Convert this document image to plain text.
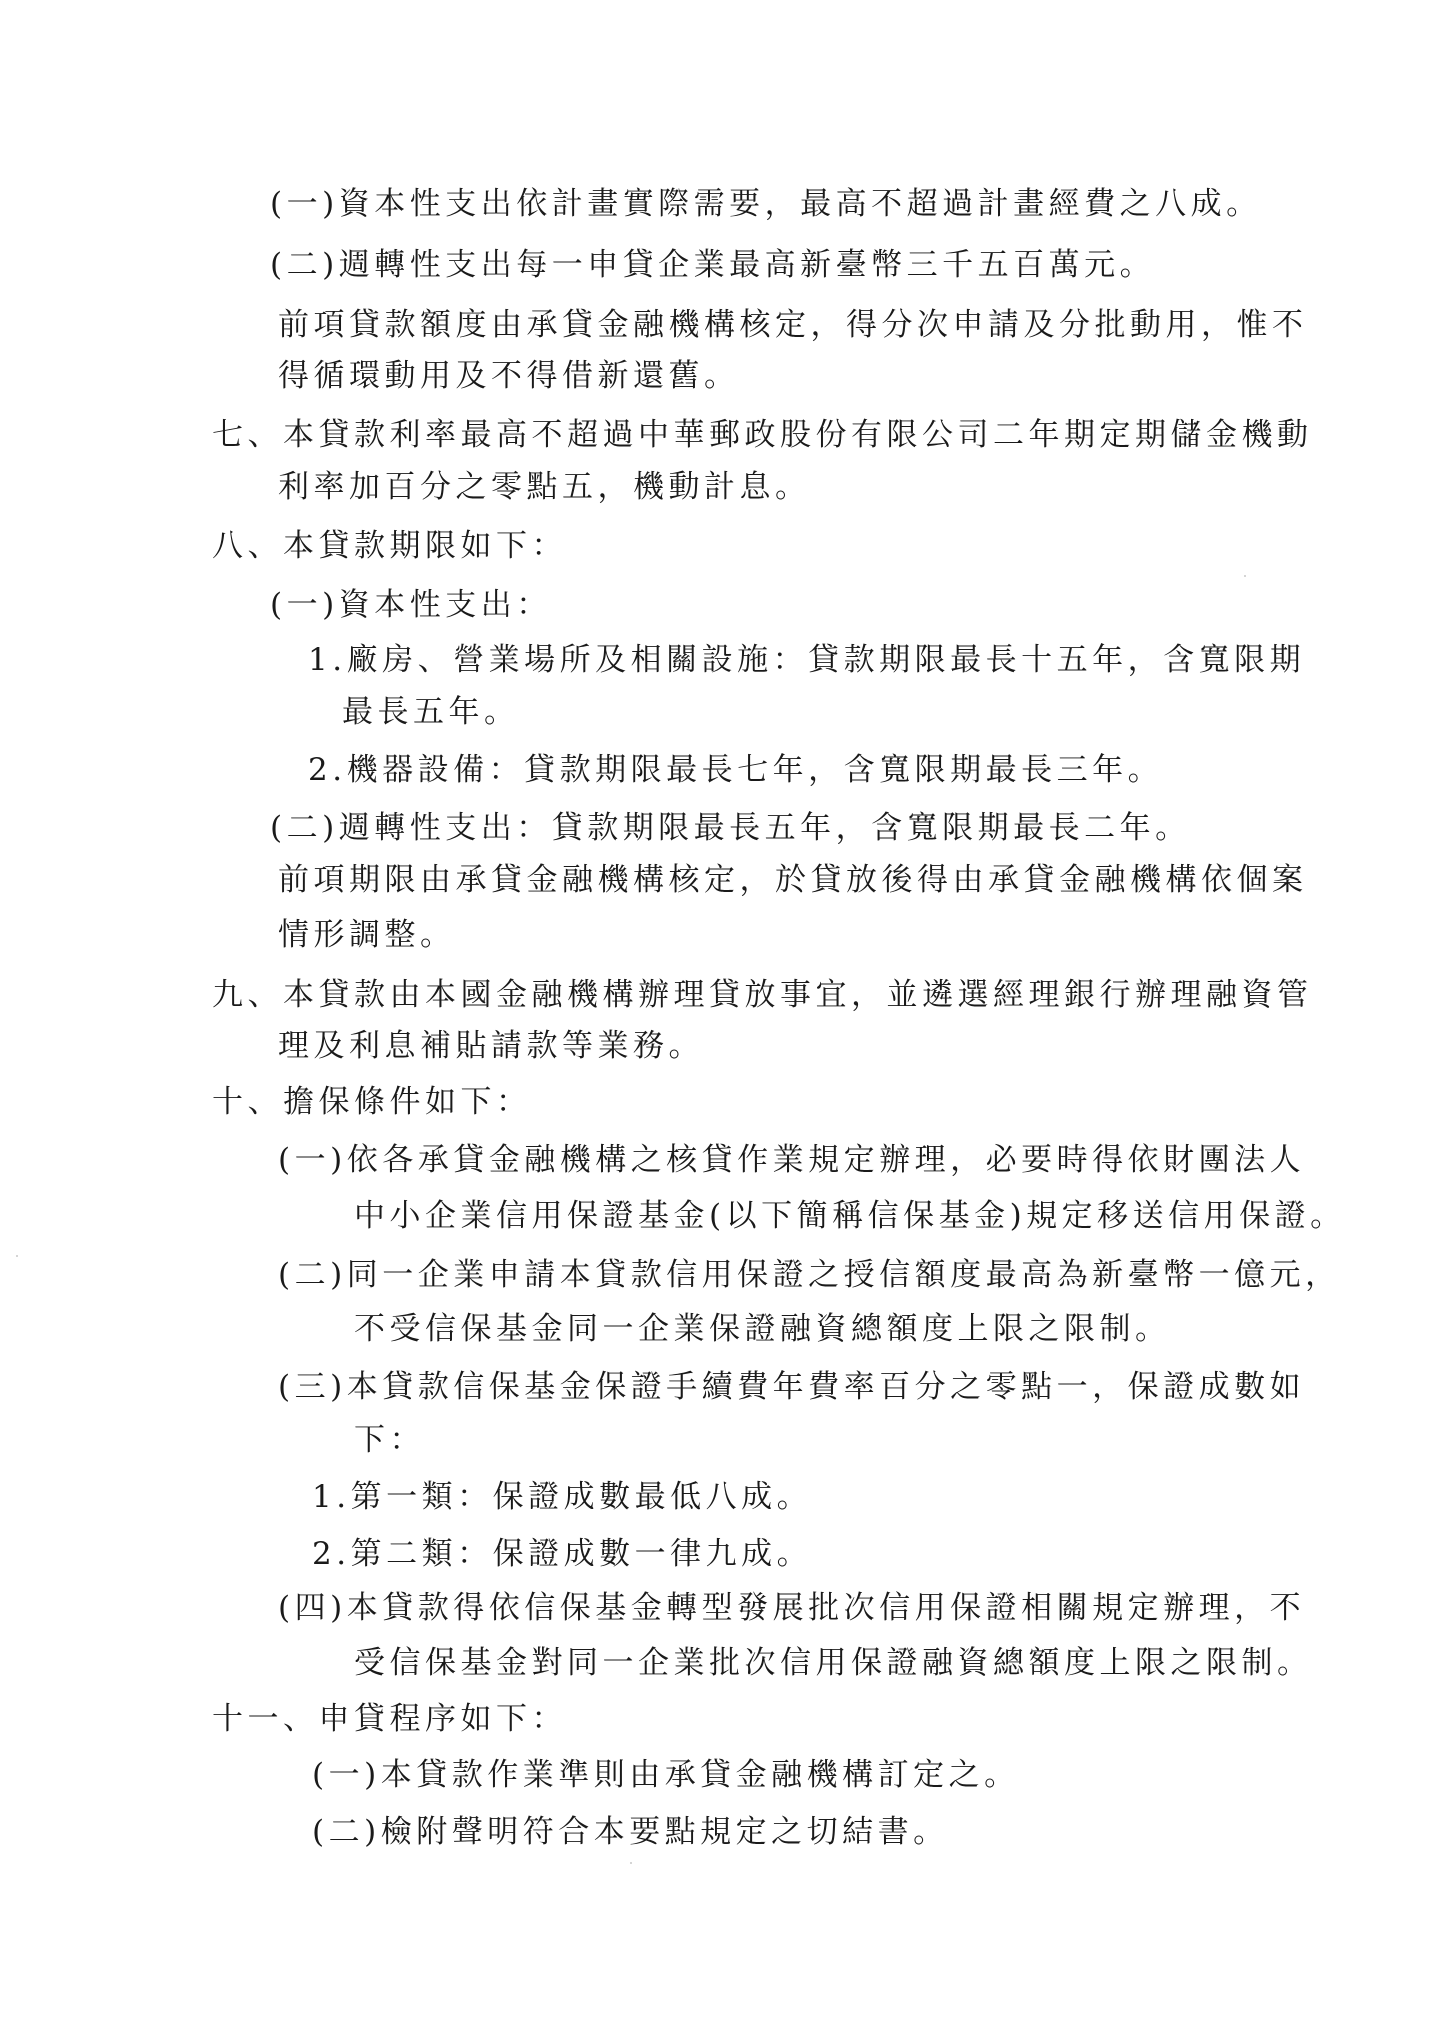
(一)資本性支出依計畫實際需要，最高不超過計畫經費之八成。
(二)週轉性支出每一申貸企業最高新臺幣三千五百萬元。
前項貸款額度由承貸金融機構核定，得分次申請及分批動用，惟不
得循環動用及不得借新還舊。
七、本貸款利率最高不超過中華郵政股份有限公司二年期定期儲金機動
利率加百分之零點五，機動計息。
八、本貸款期限如下：
(一)資本性支出：
1.廠房、營業場所及相關設施：貸款期限最長十五年，含寬限期
最長五年。
2.機器設備：貸款期限最長七年，含寬限期最長三年。
(二)週轉性支出：貸款期限最長五年，含寬限期最長二年。
前項期限由承貸金融機構核定，於貸放後得由承貸金融機構依個案
情形調整。
九、本貸款由本國金融機構辦理貸放事宜，並遴選經理銀行辦理融資管
理及利息補貼請款等業務。
十、擔保條件如下：
(一)依各承貸金融機構之核貸作業規定辦理，必要時得依財團法人
中小企業信用保證基金(以下簡稱信保基金)規定移送信用保證。
(二)同一企業申請本貸款信用保證之授信額度最高為新臺幣一億元，
不受信保基金同一企業保證融資總額度上限之限制。
(三)本貸款信保基金保證手續費年費率百分之零點一，保證成數如
下：
1.第一類：保證成數最低八成。
2.第二類：保證成數一律九成。
(四)本貸款得依信保基金轉型發展批次信用保證相關規定辦理，不
受信保基金對同一企業批次信用保證融資總額度上限之限制。
十一、申貸程序如下：
(一)本貸款作業準則由承貸金融機構訂定之。
(二)檢附聲明符合本要點規定之切結書。
